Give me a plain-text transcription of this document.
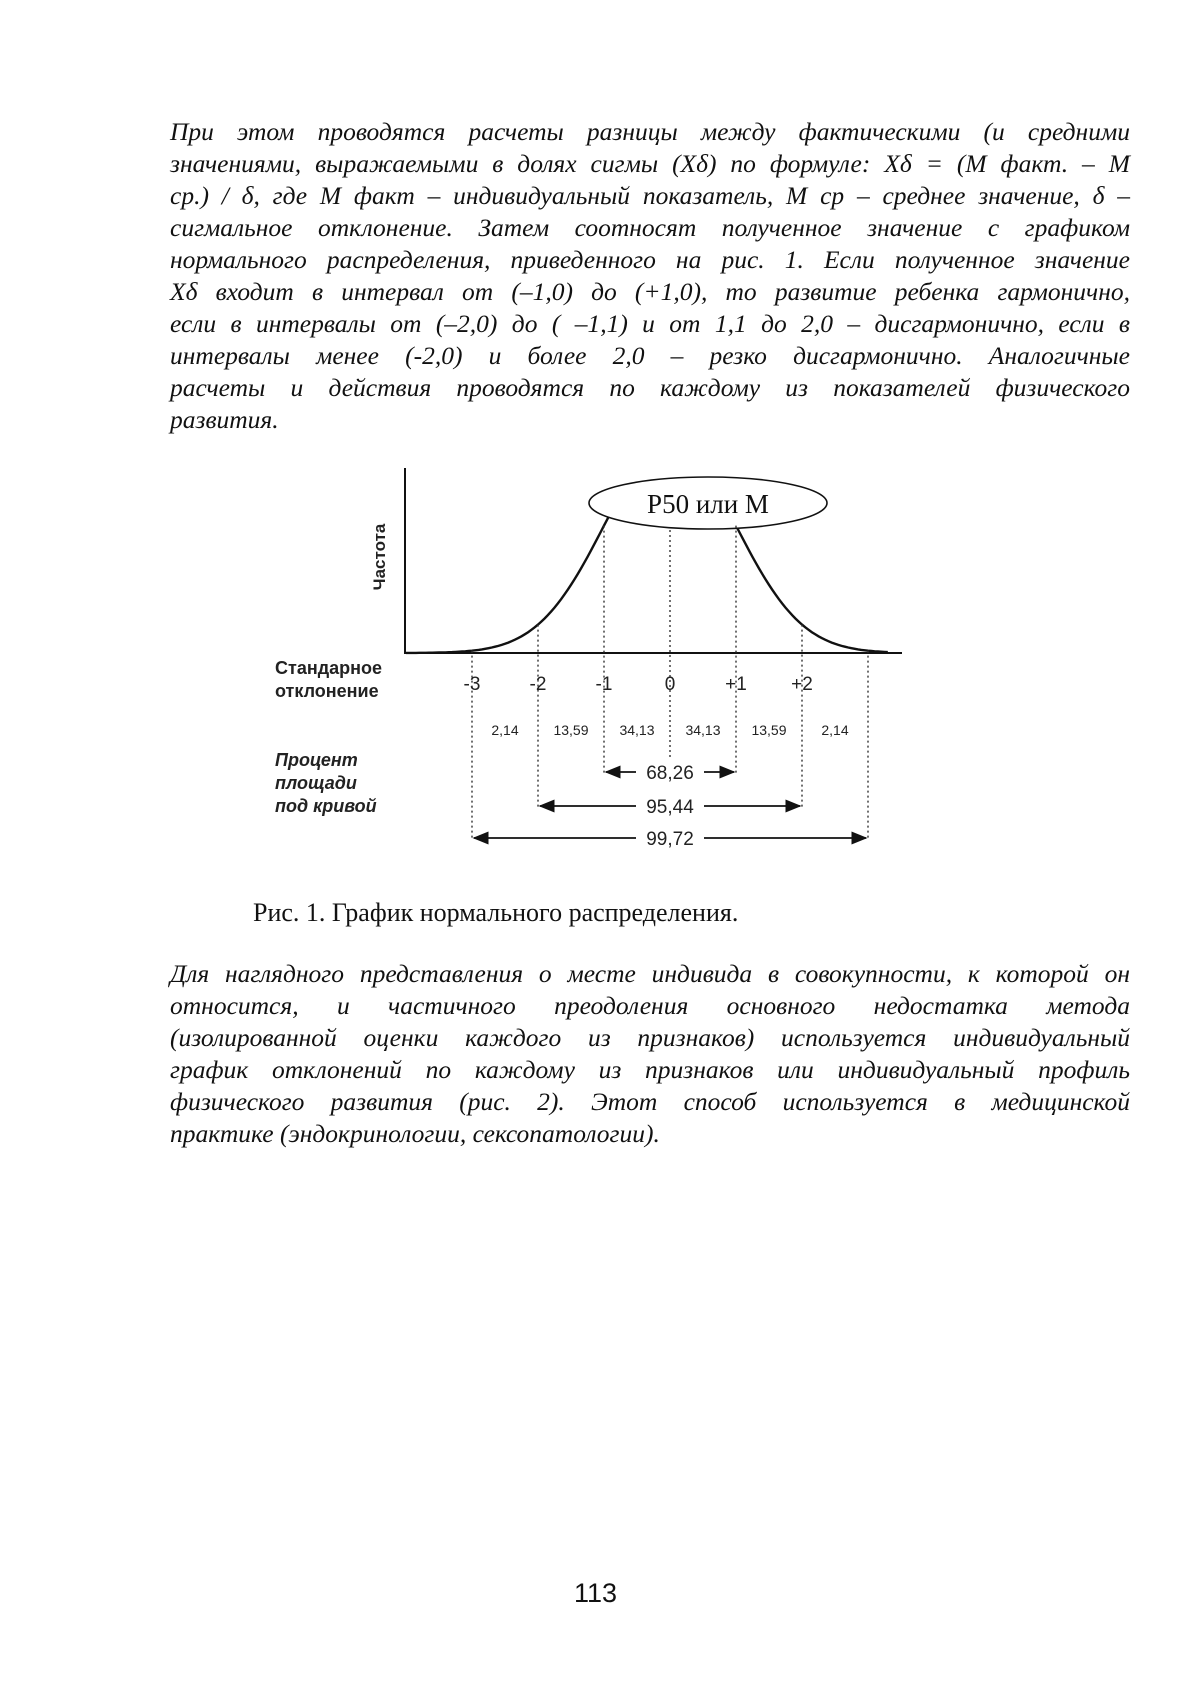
При этом проводятся расчеты разницы между фактическими (и средними
значениями, выражаемыми в долях сигмы (Xδ) по формуле: Xδ = (М факт. – М
ср.) / δ, где М факт – индивидуальный показатель, М ср – среднее значение, δ –
сигмальное отклонение. Затем соотносят полученное значение с графиком
нормального распределения, приведенного на рис. 1. Если полученное значение
Xδ входит в интервал от (–1,0) до (+1,0), то развитие ребенка гармонично,
если в интервалы от (–2,0) до ( –1,1) и от 1,1 до 2,0 – дисгармонично, если в
интервалы менее (-2,0) и более 2,0 – резко дисгармонично. Аналогичные
расчеты и действия проводятся по каждому из показателей физического
развития.
Частота
Стандарное
отклонение
Процент
площади
под кривой
P50 или M
-3	-2	-1	0	+1 +2
2,14 13,59 34,13 34,13 13,59 2,14
68,26
95,44
99,72
Рис. 1. График нормального распределения.
Для наглядного представления о месте индивида в совокупности, к которой он
относится, и частичного преодоления основного недостатка метода
(изолированной оценки каждого из признаков) используется индивидуальный
график отклонений по каждому из признаков или индивидуальный профиль
физического развития (рис. 2). Этот способ используется в медицинской
практике (эндокринологии, сексопатологии).
113
